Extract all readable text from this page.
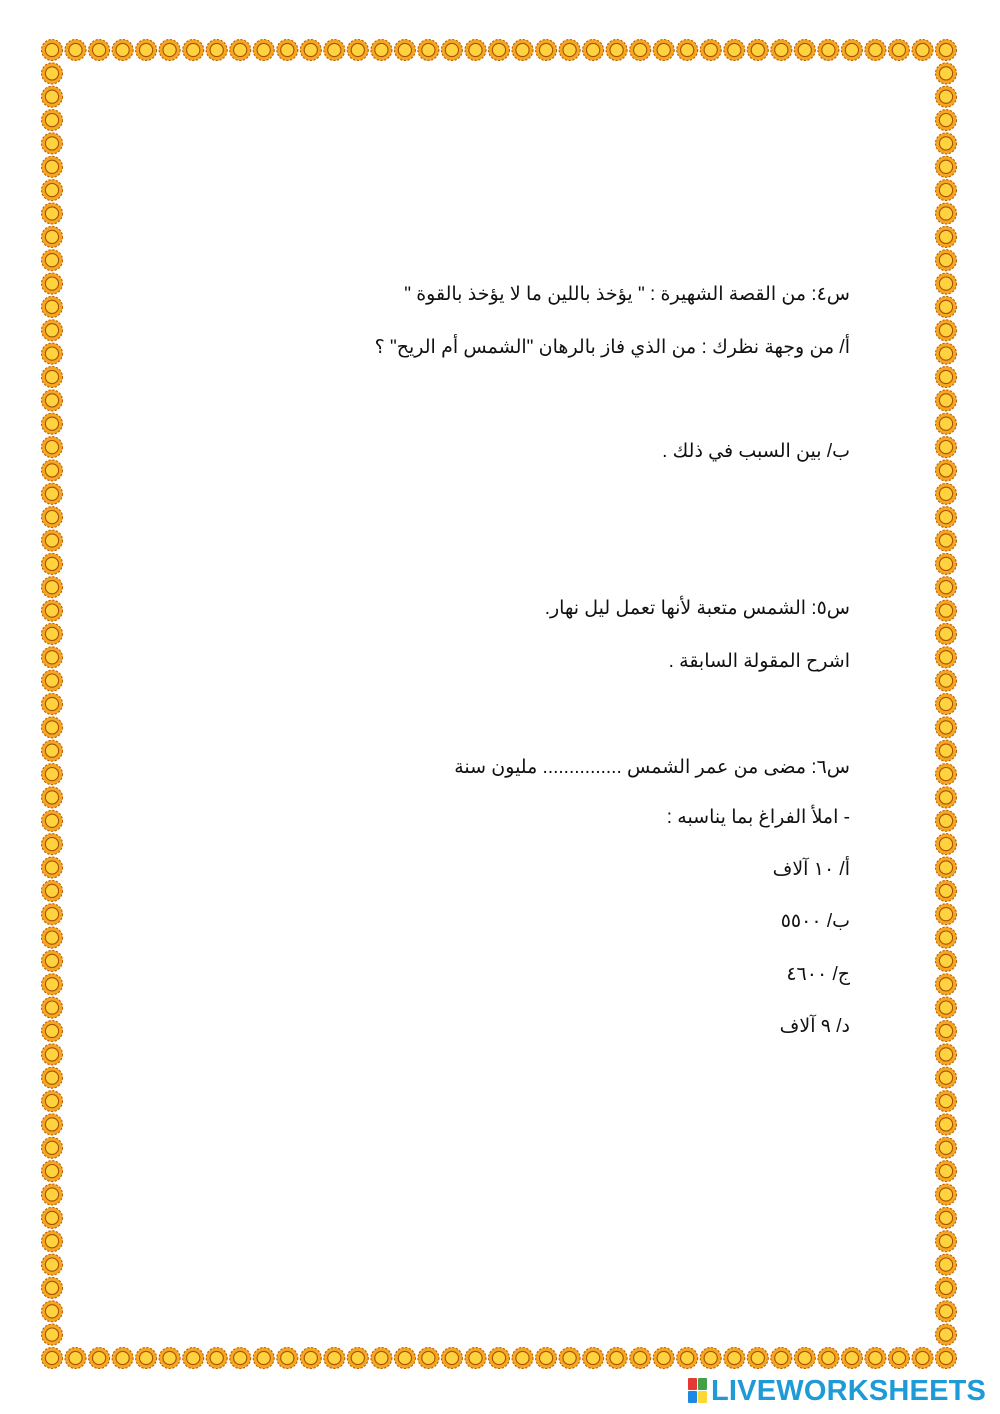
س٤: من القصة الشهيرة : " يؤخذ باللين ما لا يؤخذ بالقوة "
أ/ من وجهة نظرك : من الذي فاز بالرهان "الشمس أم الريح" ؟
ب/ بين السبب في ذلك .
س٥: الشمس متعبة لأنها تعمل ليل نهار.
اشرح المقولة السابقة .
س٦: مضى من عمر الشمس ............... مليون سنة
- املأ الفراغ بما يناسبه :
أ/ ١٠ آلاف
ب/ ٥٥٠٠
ج/ ٤٦٠٠
د/ ٩ آلاف
LIVEWORKSHEETS
